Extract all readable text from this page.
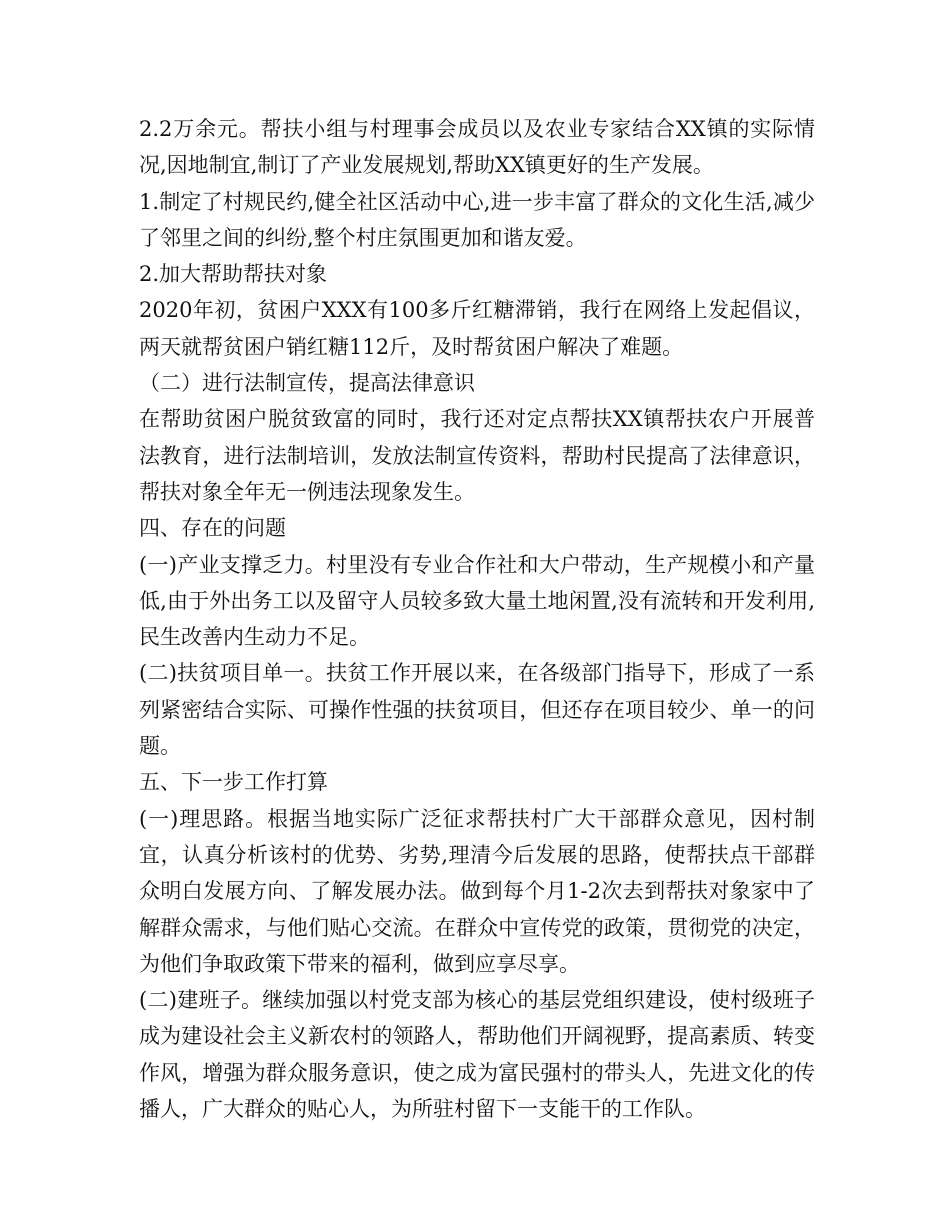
2.2万余元。帮扶小组与村理事会成员以及农业专家结合XX镇的实际情况,因地制宜,制订了产业发展规划,帮助XX镇更好的生产发展。

1.制定了村规民约,健全社区活动中心,进一步丰富了群众的文化生活,减少了邻里之间的纠纷,整个村庄氛围更加和谐友爱。

2.加大帮助帮扶对象

2020年初，贫困户XXX有100多斤红糖滞销，我行在网络上发起倡议，两天就帮贫困户销红糖112斤，及时帮贫困户解决了难题。

（二）进行法制宣传，提高法律意识

在帮助贫困户脱贫致富的同时，我行还对定点帮扶XX镇帮扶农户开展普法教育，进行法制培训，发放法制宣传资料，帮助村民提高了法律意识，帮扶对象全年无一例违法现象发生。

四、存在的问题

(一)产业支撑乏力。村里没有专业合作社和大户带动，生产规模小和产量低,由于外出务工以及留守人员较多致大量土地闲置,没有流转和开发利用,民生改善内生动力不足。

(二)扶贫项目单一。扶贫工作开展以来，在各级部门指导下，形成了一系列紧密结合实际、可操作性强的扶贫项目，但还存在项目较少、单一的问题。

五、下一步工作打算

(一)理思路。根据当地实际广泛征求帮扶村广大干部群众意见，因村制宜，认真分析该村的优势、劣势,理清今后发展的思路，使帮扶点干部群众明白发展方向、了解发展办法。做到每个月1-2次去到帮扶对象家中了解群众需求，与他们贴心交流。在群众中宣传党的政策，贯彻党的决定，为他们争取政策下带来的福利，做到应享尽享。

(二)建班子。继续加强以村党支部为核心的基层党组织建设，使村级班子成为建设社会主义新农村的领路人，帮助他们开阔视野，提高素质、转变作风，增强为群众服务意识，使之成为富民强村的带头人，先进文化的传播人，广大群众的贴心人，为所驻村留下一支能干的工作队。
